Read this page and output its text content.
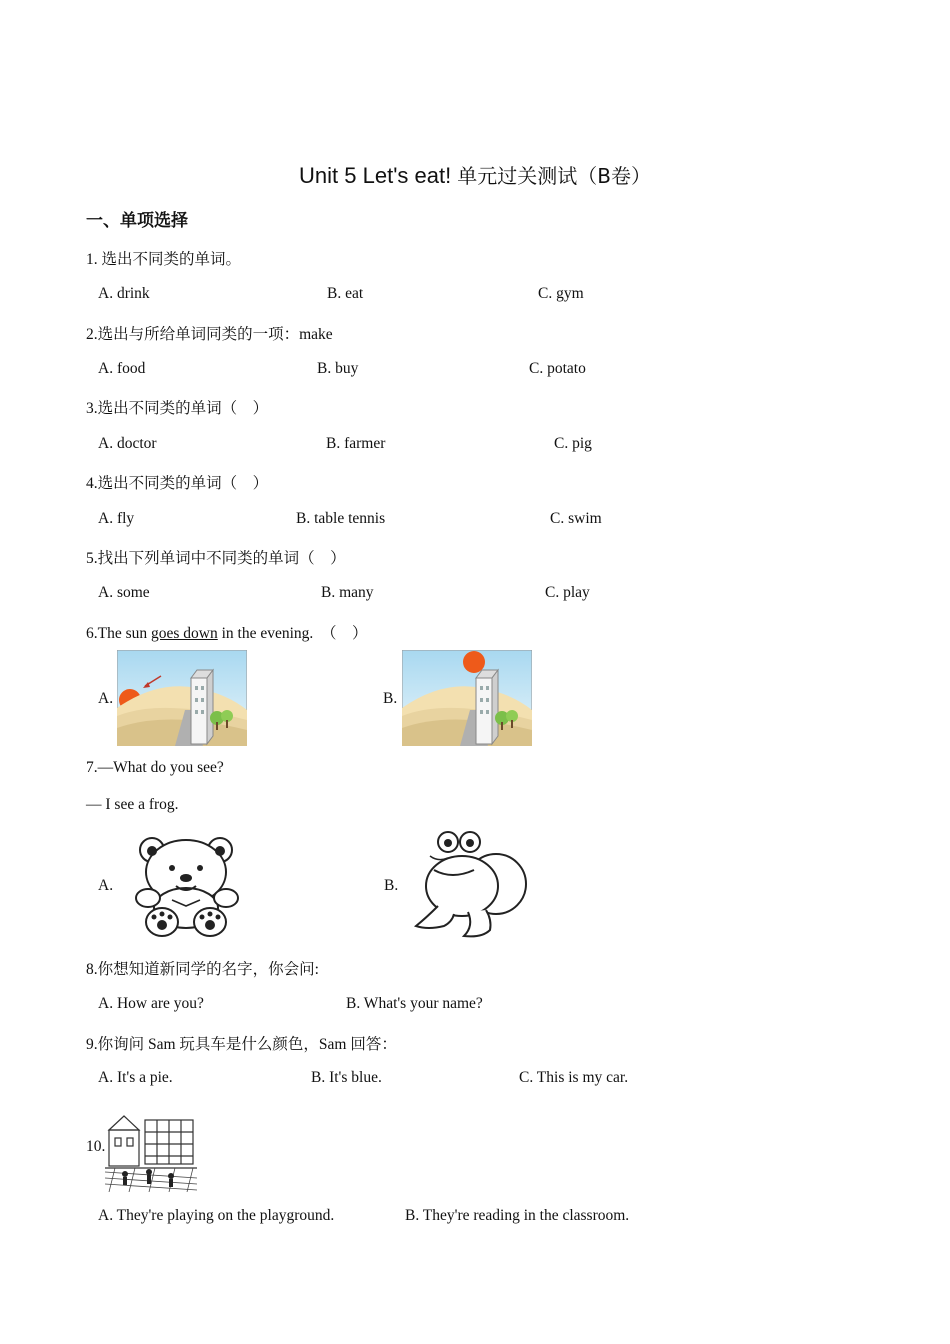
Unit 5 Let's eat! 单元过关测试（B卷）
一、单项选择
1. 选出不同类的单词。
A. drink	B. eat	C. gym
2.选出与所给单词同类的一项：make
A. food	B. buy	C. potato
3.选出不同类的单词（　）
A. doctor	B. farmer	C. pig
4.选出不同类的单词（　）
A. fly	B. table tennis	C. swim
5.找出下列单词中不同类的单词（　）
A. some	B. many	C. play
6.The sun goes down in the evening.　（　）
A.	B.
7.—What do you see?
— I see a frog.
A.	B.
8.你想知道新同学的名字，你会问:
A. How are you?	B. What's your name?
9.你询问 Sam 玩具车是什么颜色，Sam 回答：
A. It's a pie.	B. It's blue.	C. This is my car.
10.
A. They're playing on the playground.	B. They're reading in the classroom.
